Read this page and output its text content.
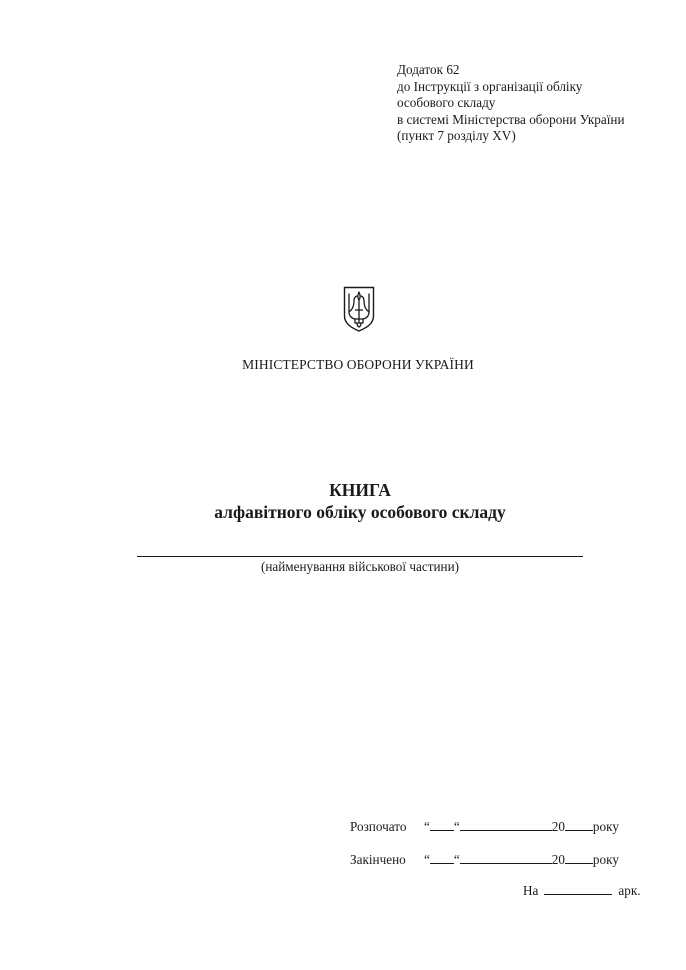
Додаток 62
до Інструкції з організації обліку
особового складу
в системі Міністерства оборони України
(пункт 7 розділу XV)
МІНІСТЕРСТВО ОБОРОНИ УКРАЇНИ
КНИГА
алфавітного обліку особового складу
(найменування військової частини)
Розпочато	“ “	20 року
Закінчено	“ “	20 року
На	арк.
